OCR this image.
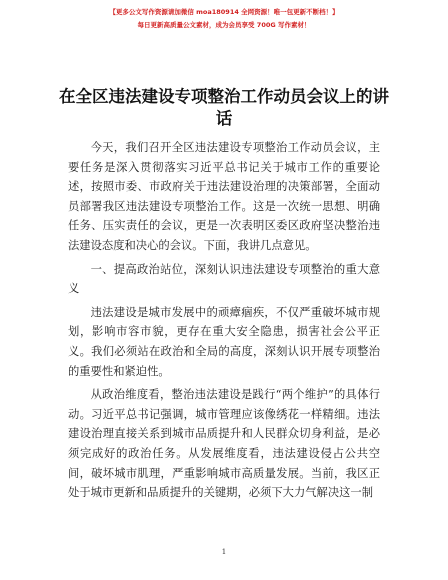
【更多公文写作资源请加微信 moa180914 全网资源！唯一包更新不断档！】
每日更新高质量公文素材，成为会员享受 700G 写作素材！
在全区违法建设专项整治工作动员会议上的讲话

今天，我们召开全区违法建设专项整治工作动员会议，主要任务是深入贯彻落实习近平总书记关于城市工作的重要论述，按照市委、市政府关于违法建设治理的决策部署，全面动员部署我区违法建设专项整治工作。这是一次统一思想、明确任务、压实责任的会议，更是一次表明区委区政府坚决整治违法建设态度和决心的会议。下面，我讲几点意见。

一、提高政治站位，深刻认识违法建设专项整治的重大意义

违法建设是城市发展中的顽瘴痼疾，不仅严重破坏城市规划，影响市容市貌，更存在重大安全隐患，损害社会公平正义。我们必须站在政治和全局的高度，深刻认识开展专项整治的重要性和紧迫性。

从政治维度看，整治违法建设是践行“两个维护”的具体行动。习近平总书记强调，城市管理应该像绣花一样精细。违法建设治理直接关系到城市品质提升和人民群众切身利益，是必须完成好的政治任务。从发展维度看，违法建设侵占公共空间，破坏城市肌理，严重影响城市高质量发展。当前，我区正处于城市更新和品质提升的关键期，必须下大力气解决这一制

1
